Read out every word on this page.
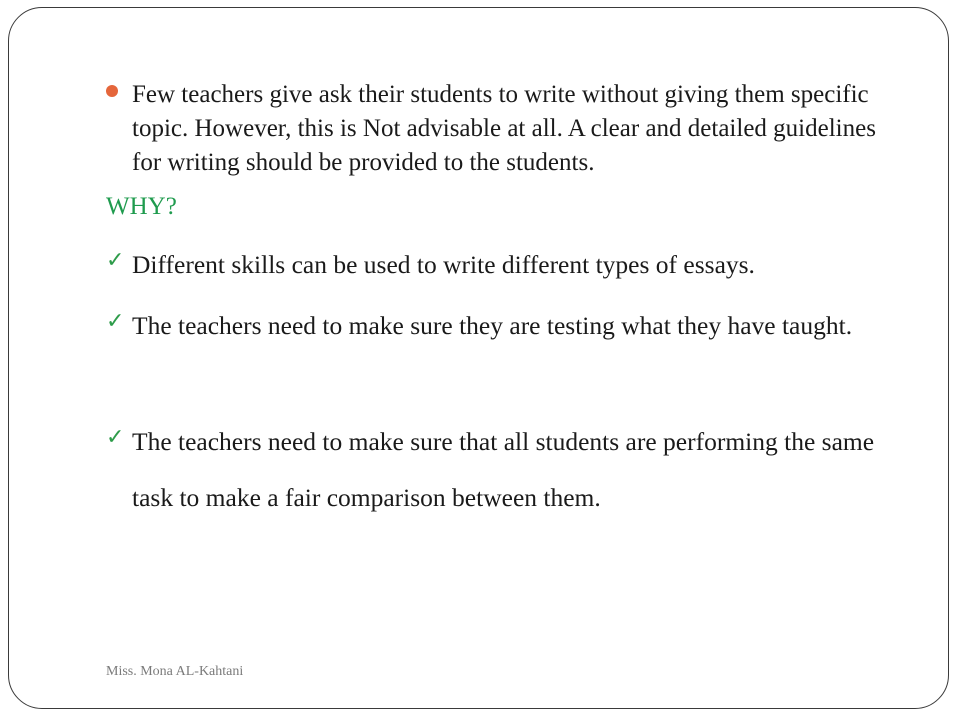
Few teachers give ask their students to write without giving them specific topic. However, this is Not advisable at all. A clear and detailed guidelines for writing should be provided to the students.
WHY?
✓ Different skills can be used to write different types of essays.
✓ The teachers need to make sure they are testing what they have taught.
✓ The teachers need to make sure that all students are performing the same task to make a fair comparison between them.
Miss. Mona AL-Kahtani
